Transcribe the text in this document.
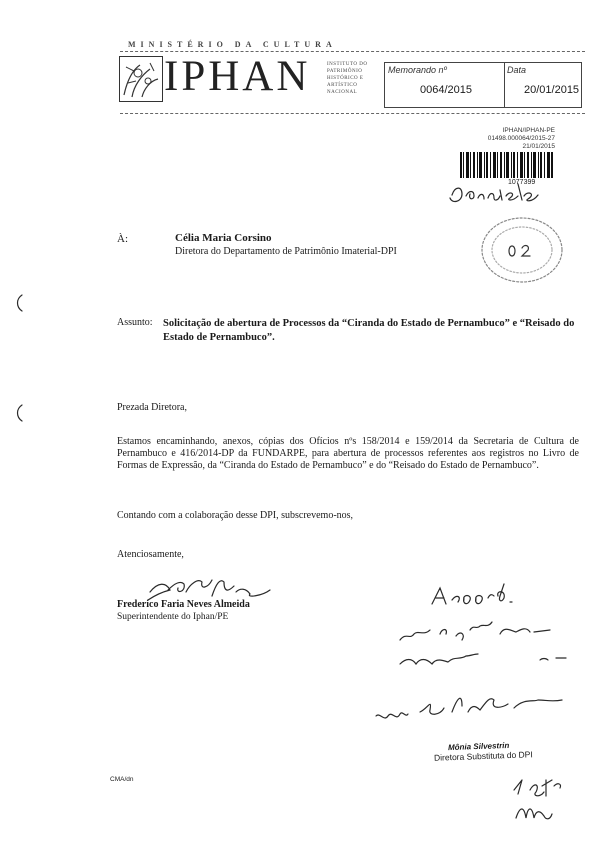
MINISTÉRIO DA CULTURA
IPHAN	INSTITUTO DO
PATRIMÔNIO
HISTÓRICO E
ARTÍSTICO
NACIONAL
Memorando nº
0064/2015
Data
20/01/2015
IPHAN/IPHAN-PE
01498.000064/2015-27
21/01/2015
1077399
À:	Célia Maria Corsino
Diretora do Departamento de Patrimônio Imaterial-DPI
Assunto: Solicitação de abertura de Processos da “Ciranda do Estado de Pernambuco” e “Reisado do Estado de Pernambuco”.
Prezada Diretora,
Estamos encaminhando, anexos, cópias dos Ofícios nºs 158/2014 e 159/2014 da Secretaria de Cultura de Pernambuco e 416/2014-DP da FUNDARPE, para abertura de processos referentes aos registros no Livro de Formas de Expressão, da “Ciranda do Estado de Pernambuco” e do “Reisado do Estado de Pernambuco”.
Contando com a colaboração desse DPI, subscrevemo-nos,
Atenciosamente,
Frederico Faria Neves Almeida
Superintendente do Iphan/PE
Mônia Silvestrin
Diretora Substituta do DPI
CMA/dn
